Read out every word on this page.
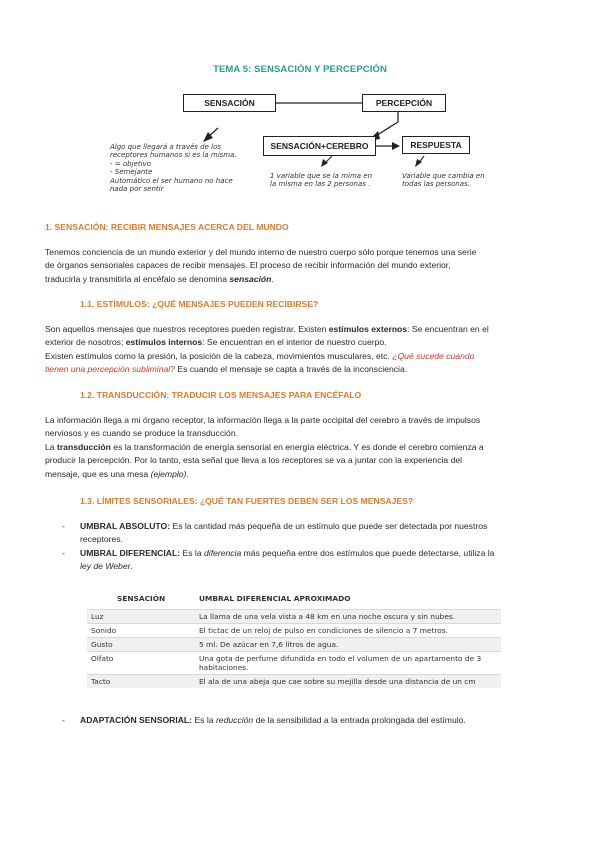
TEMA 5: SENSACIÓN Y PERCEPCIÓN
SENSACIÓN	PERCEPCIÓN
SENSACIÓN+CEREBRO	RESPUESTA
Algo que llegará a través de los
receptores humanos si es la misma.
- = objetivo
- Semejante
Automático el ser humano no hace
nada por sentir
1 variable que se la mima en
la misma en las 2 personas .
Variable que cambia en
todas las personas.
1. SENSACIÓN: RECIBIR MENSAJES ACERCA DEL MUNDO
Tenemos conciencia de un mundo exterior y del mundo interno de nuestro cuerpo sólo porque tenemos una serie
de órganos sensoriales capaces de recibir mensajes. El proceso de recibir información del mundo exterior,
traducirla y transmitirla al encéfalo se denomina sensación.
1.1. ESTÍMULOS: ¿QUÉ MENSAJES PUEDEN RECIBIRSE?
Son aquellos mensajes que nuestros receptores pueden registrar. Existen estímulos externos: Se encuentran en el
exterior de nosotros; estímulos internos: Se encuentran en el interior de nuestro cuerpo.
Existen estímulos como la presión, la posición de la cabeza, movimientos musculares, etc. ¿Qué sucede cuando
tienen una percepción subliminal? Es cuando el mensaje se capta a través de la inconsciencia.
1.2. TRANSDUCCIÓN: TRADUCIR LOS MENSAJES PARA ENCÉFALO
La información llega a mi órgano receptor, la información llega a la parte occipital del cerebro a través de impulsos
nerviosos y es cuando se produce la transducción.
La transducción es la transformación de energía sensorial en energía eléctrica. Y es donde el cerebro comienza a
producir la percepción. Por lo tanto, esta señal que lleva a los receptores se va a juntar con la experiencia del
mensaje, que es una mesa (ejemplo).
1.3. LÍMITES SENSORIALES: ¿QUÉ TAN FUERTES DEBEN SER LOS MENSAJES?
- UMBRAL ABSOLUTO: Es la cantidad más pequeña de un estímulo que puede ser detectada por nuestros
receptores.
- UMBRAL DIFERENCIAL: Es la diferencia más pequeña entre dos estímulos que puede detectarse, utiliza la
ley de Weber.
SENSACIÓN	UMBRAL DIFERENCIAL APROXIMADO
Luz	La llama de una vela vista a 48 km en una noche oscura y sin nubes.
Sonido	El tictac de un reloj de pulso en condiciones de silencio a 7 metros.
Gusto	5 ml. De azúcar en 7,6 litros de agua.
Olfato	Una gota de perfume difundida en todo el volumen de un apartamento de 3 habitaciones.
Tacto	El ala de una abeja que cae sobre su mejilla desde una distancia de un cm
- ADAPTACIÓN SENSORIAL: Es la reducción de la sensibilidad a la entrada prolongada del estímulo.
